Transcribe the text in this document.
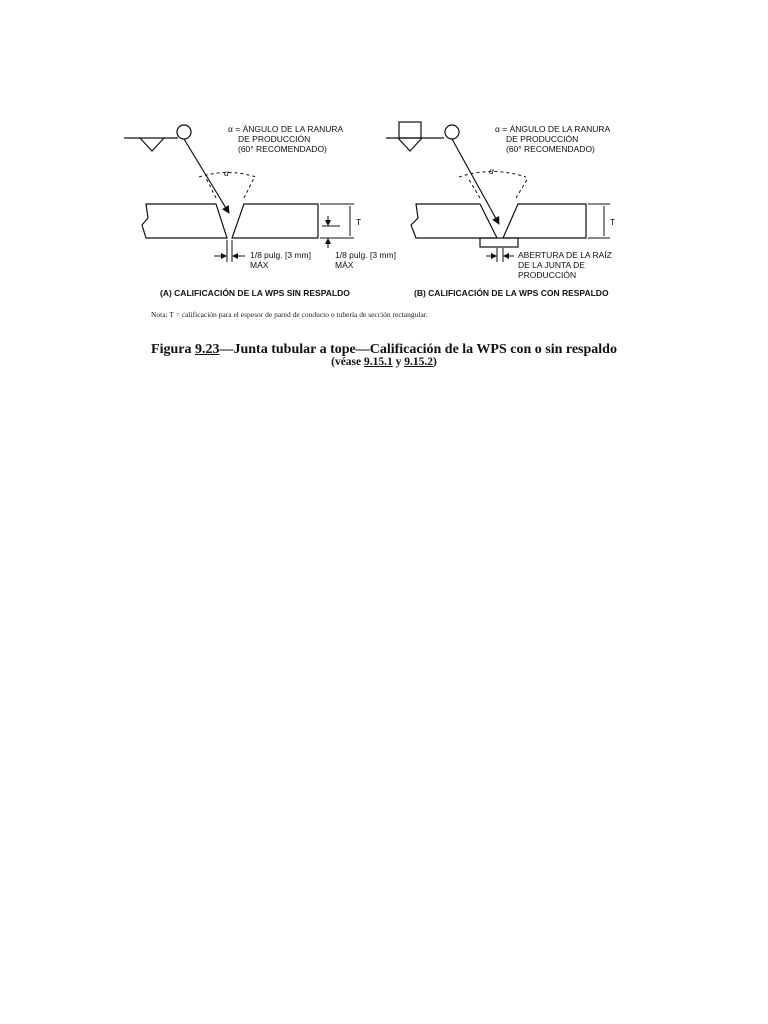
α = ÁNGULO DE LA RANURA
DE PRODUCCIÓN
(60° RECOMENDADO)
α
T
1/8 pulg. [3 mm]
MÁX
1/8 pulg. [3 mm]
MÁX
(A) CALIFICACIÓN DE LA WPS SIN RESPALDO
α = ÁNGULO DE LA RANURA
DE PRODUCCIÓN
(60° RECOMENDADO)
α
T
ABERTURA DE LA RAÍZ
DE LA JUNTA DE
PRODUCCIÓN
(B) CALIFICACIÓN DE LA WPS CON RESPALDO
Nota: T = calificación para el espesor de pared de conducto o tubería de sección rectangular.
Figura 9.23—Junta tubular a tope—Calificación de la WPS con o sin respaldo
(véase 9.15.1 y 9.15.2)
